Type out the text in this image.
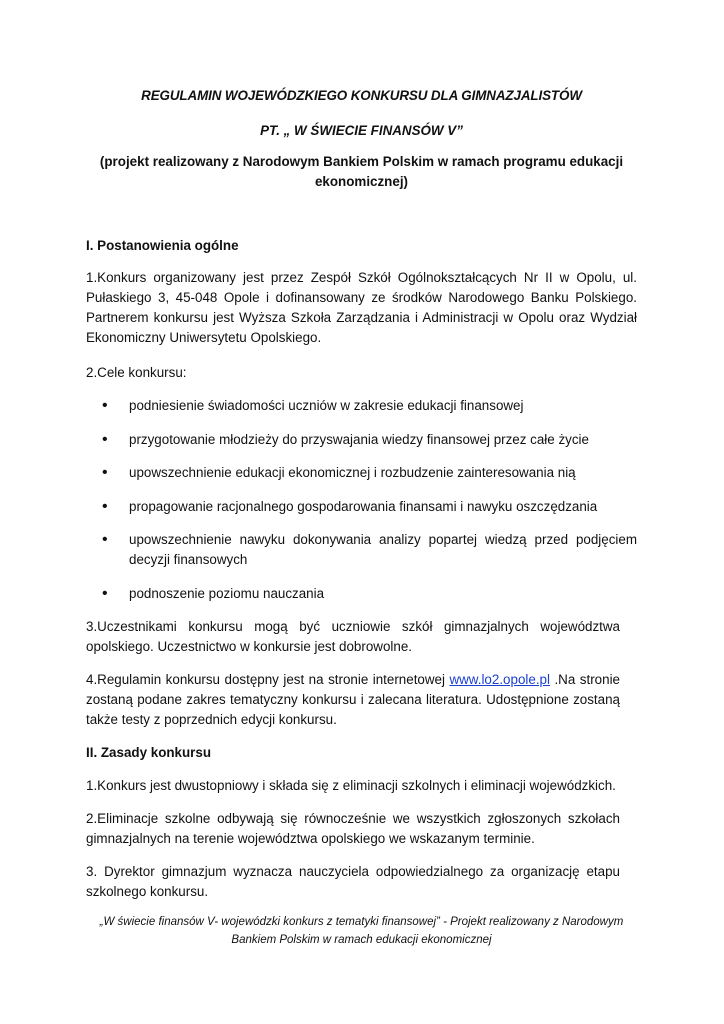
REGULAMIN WOJEWÓDZKIEGO KONKURSU DLA GIMNAZJALISTÓW
PT. „ W ŚWIECIE FINANSÓW V”
(projekt realizowany z Narodowym Bankiem Polskim w ramach programu edukacji
ekonomicznej)
I. Postanowienia ogólne
1.Konkurs organizowany jest przez Zespół Szkół Ogólnokształcących Nr II w Opolu, ul. Pułaskiego 3, 45-048 Opole i dofinansowany ze środków Narodowego Banku Polskiego. Partnerem konkursu jest Wyższa Szkoła Zarządzania i Administracji w Opolu oraz Wydział Ekonomiczny Uniwersytetu Opolskiego.
2.Cele konkursu:
• podniesienie świadomości uczniów w zakresie edukacji finansowej
• przygotowanie młodzieży do przyswajania wiedzy finansowej przez całe życie
• upowszechnienie edukacji ekonomicznej i rozbudzenie zainteresowania nią
• propagowanie racjonalnego gospodarowania finansami i nawyku oszczędzania
• upowszechnienie nawyku dokonywania analizy popartej wiedzą przed podjęciem decyzji finansowych
• podnoszenie poziomu nauczania
3.Uczestnikami konkursu mogą być uczniowie szkół gimnazjalnych województwa opolskiego. Uczestnictwo w konkursie jest dobrowolne.
4.Regulamin konkursu dostępny jest na stronie internetowej www.lo2.opole.pl .Na stronie zostaną podane zakres tematyczny konkursu i zalecana literatura. Udostępnione zostaną także testy z poprzednich edycji konkursu.
II. Zasady konkursu
1.Konkurs jest dwustopniowy i składa się z eliminacji szkolnych i eliminacji wojewódzkich.
2.Eliminacje szkolne odbywają się równocześnie we wszystkich zgłoszonych szkołach gimnazjalnych na terenie województwa opolskiego we wskazanym terminie.
3. Dyrektor gimnazjum wyznacza nauczyciela odpowiedzialnego za organizację etapu szkolnego konkursu.
„W świecie finansów V- wojewódzki konkurs z tematyki finansowej” - Projekt realizowany z Narodowym
Bankiem Polskim w ramach edukacji ekonomicznej
